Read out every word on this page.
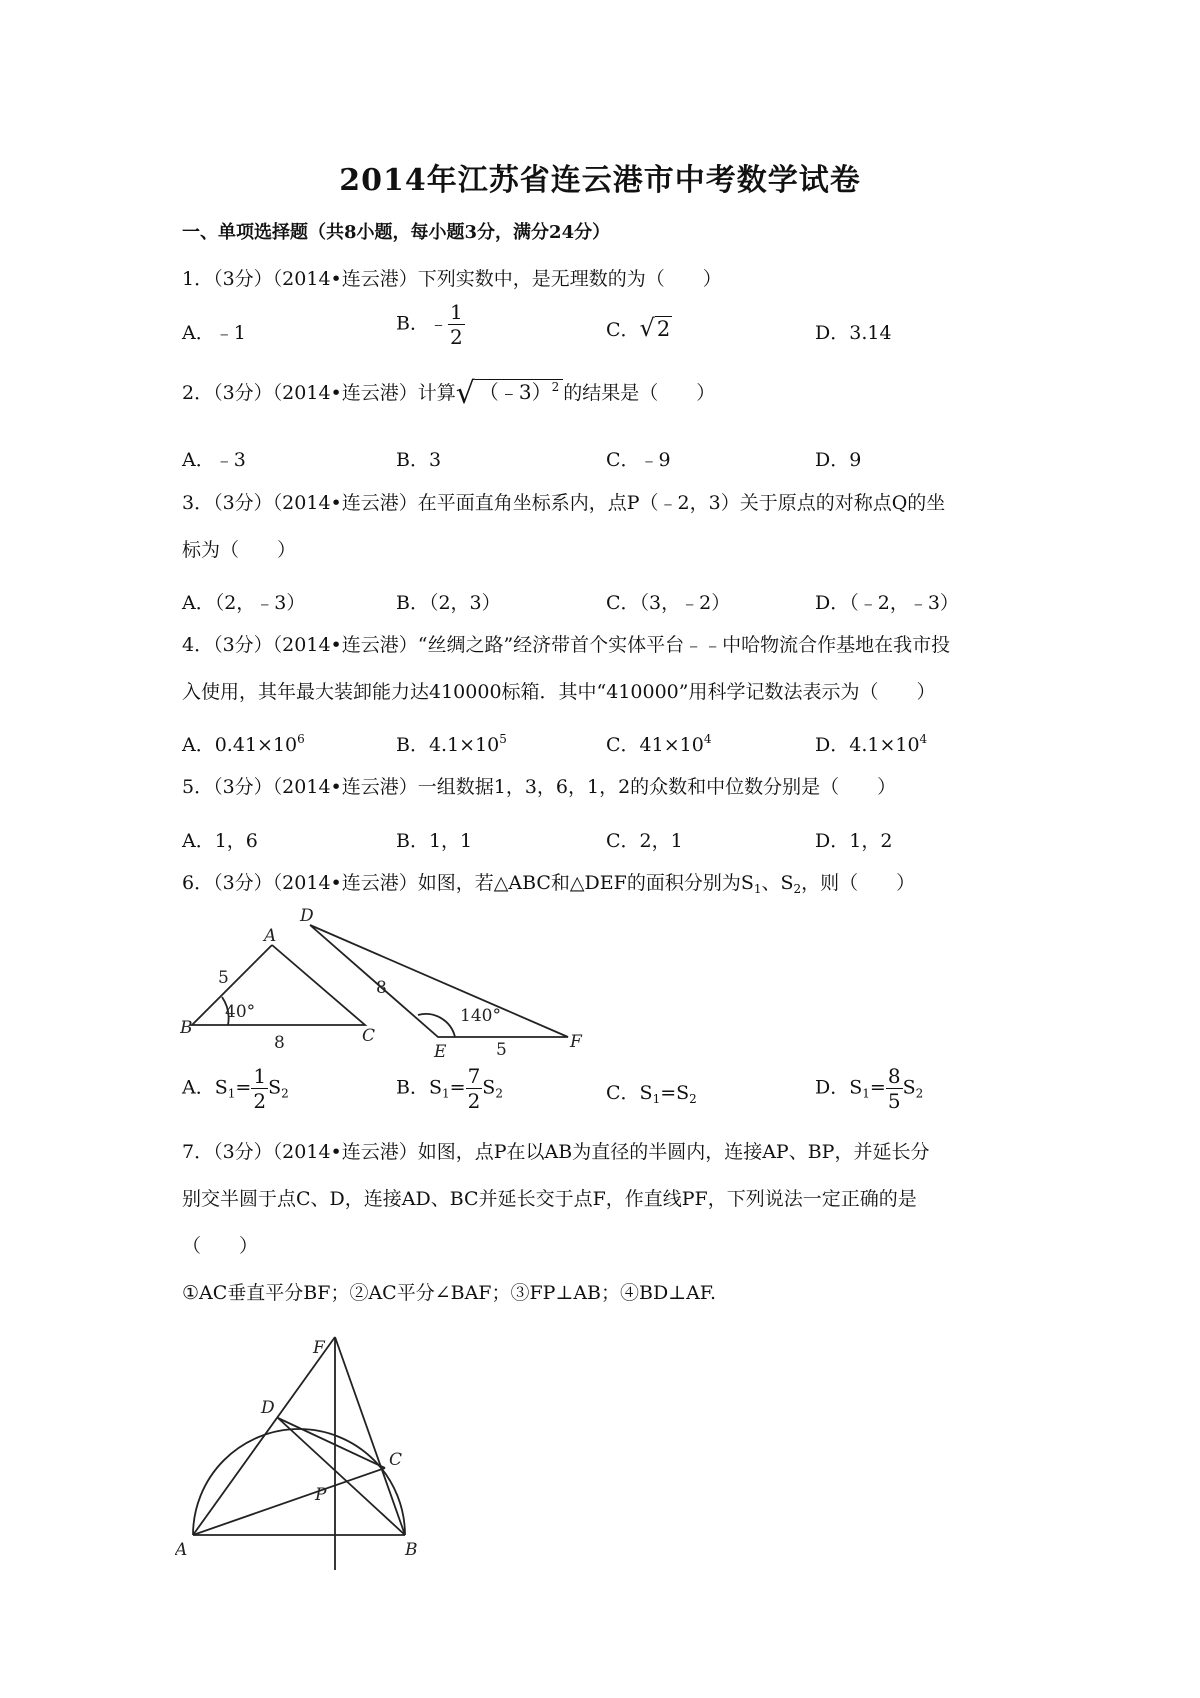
2014年江苏省连云港市中考数学试卷
一、单项选择题（共8小题，每小题3分，满分24分）
1．（3分）（2014•连云港）下列实数中，是无理数的为（　　）
A．﹣1	B．﹣ $\frac{1}{2}$	C．√2	D．3.14
2．（3分）（2014•连云港）计算√ （﹣3）$^2$ 的结果是（　　）
A．﹣3	B．3	C．﹣9	D．9
3．（3分）（2014•连云港）在平面直角坐标系内，点P（﹣2，3）关于原点的对称点Q的坐
标为（　　）
A．（2，﹣3）	B．（2，3）	C．（3，﹣2）	D．（﹣2，﹣3）
4．（3分）（2014•连云港）“丝绸之路”经济带首个实体平台﹣﹣中哈物流合作基地在我市投
入使用，其年最大装卸能力达410000标箱．其中“410000”用科学记数法表示为（　　）
A．$0.41\times 10^6$	B．$4.1\times 10^5$	C．$41\times 10^4$	D．$4.1\times 10^4$
5．（3分）（2014•连云港）一组数据1，3，6，1，2的众数和中位数分别是（　　）
A．1，6	B．1，1	C．2，1	D．1，2
6．（3分）（2014•连云港）如图，若△ABC和△DEF的面积分别为$S_1$、$S_2$，则（　　）
A
B	C
D
E	F
5
8
40°
8
5
140°
A．$S_1= \frac{1}{2} S_2$	B．$S_1= \frac{7}{2} S_2$	C．$S_1=S_2$
D．$S_1= \frac{8}{5} S_2$
7．（3分）（2014•连云港）如图，点P在以AB为直径的半圆内，连接AP、BP，并延长分
别交半圆于点C、D，连接AD、BC并延长交于点F，作直线PF，下列说法一定正确的是
（　　）
①AC垂直平分BF；②AC平分∠BAF；③FP⊥AB；④BD⊥AF.
F
D
C
P
A	B
